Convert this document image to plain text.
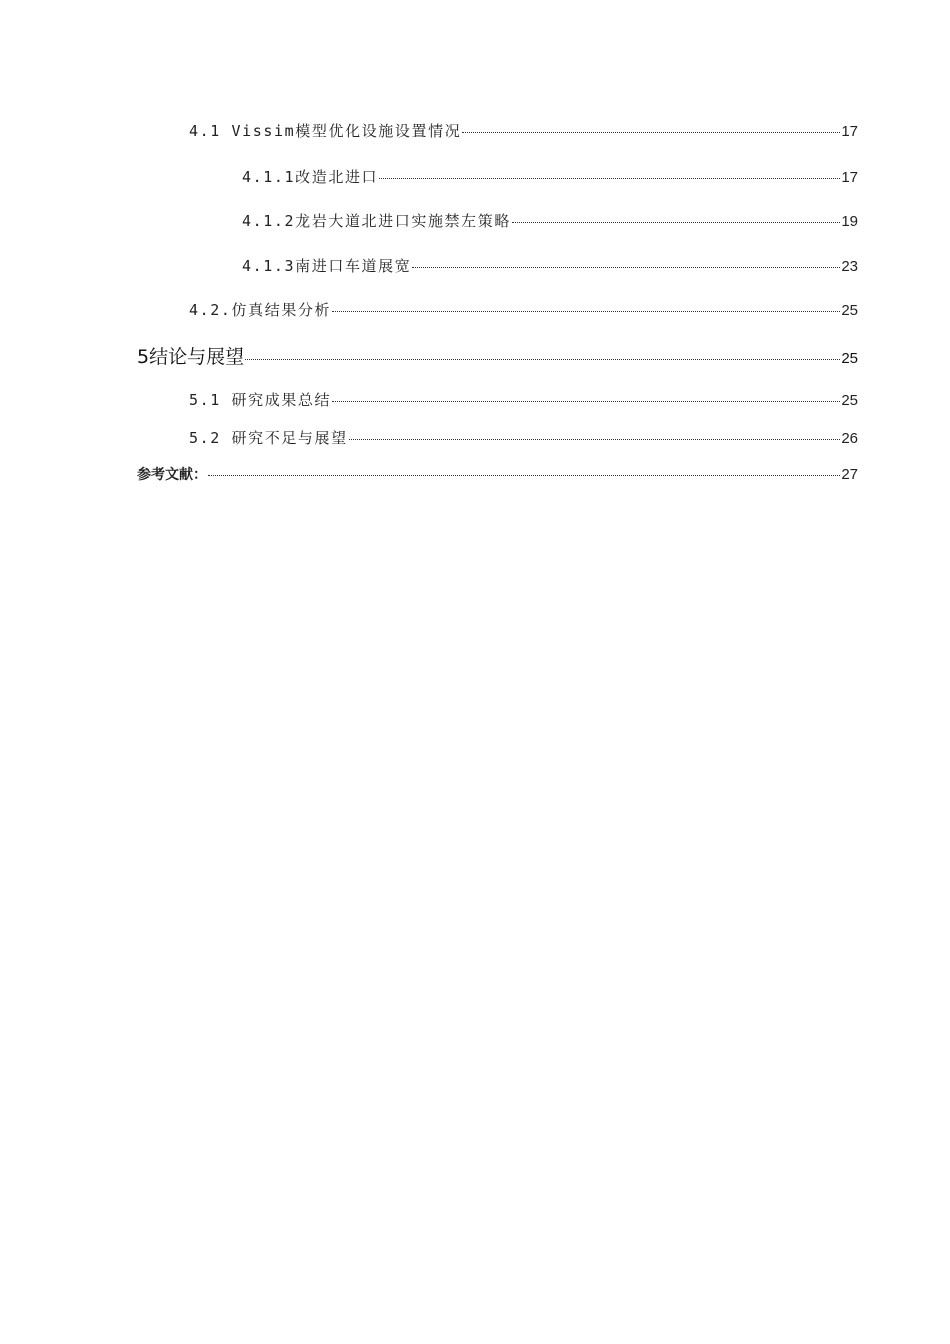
4.1 Vissim模型优化设施设置情况	17
4.1.1改造北进口	17
4.1.2龙岩大道北进口实施禁左策略	19
4.1.3南进口车道展宽	23
4.2.仿真结果分析	25
5结论与展望	25
5.1 研究成果总结	25
5.2 研究不足与展望	26
参考文献：	27
